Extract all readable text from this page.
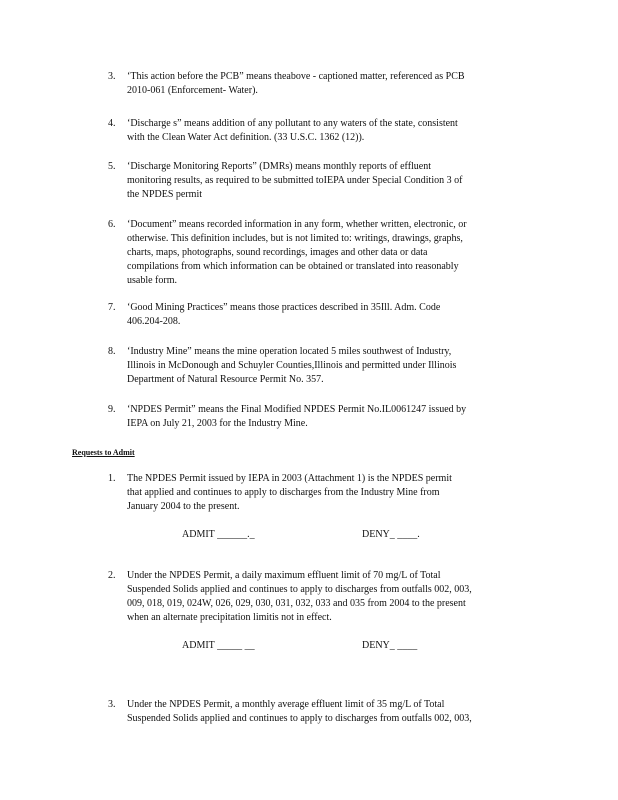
3.	‘This action before the PCB” means theabove - captioned matter, referenced as PCB
2010-061 (Enforcement- Water).
4.	‘Discharge s” means addition of any pollutant to any waters of the state, consistent
with the Clean Water Act definition. (33 U.S.C. 1362 (12)).
5.	‘Discharge Monitoring Reports” (DMRs) means monthly reports of effluent
monitoring results, as required to be submitted toIEPA under Special Condition 3 of
the NPDES permit
6.	‘Document” means recorded information in any form, whether written, electronic, or
otherwise. This definition includes, but is not limited to: writings, drawings, graphs,
charts, maps, photographs, sound recordings, images and other data or data
compilations from which information can be obtained or translated into reasonably
usable form.
7.	‘Good Mining Practices” means those practices described in 35Ill. Adm. Code
406.204-208.
8.	‘Industry Mine” means the mine operation located 5 miles southwest of Industry,
Illinois in McDonough and Schuyler Counties,Illinois and permitted under Illinois
Department of Natural Resource Permit No. 357.
9.	‘NPDES Permit” means the Final Modified NPDES Permit No.IL0061247 issued by
IEPA on July 21, 2003 for the Industry Mine.
Requests to Admit
1.	The NPDES Permit issued by IEPA in 2003 (Attachment 1) is the NPDES permit
that applied and continues to apply to discharges from the Industry Mine from
January 2004 to the present.
ADMIT ______._	DENY_ ____.
2.	Under the NPDES Permit, a daily maximum effluent limit of 70 mg/L of Total
Suspended Solids applied and continues to apply to discharges from outfalls 002, 003,
009, 018, 019, 024W, 026, 029, 030, 031, 032, 033 and 035 from 2004 to the present
when an alternate precipitation limitis not in effect.
ADMIT _____ __	DENY_ ____
3.	Under the NPDES Permit, a monthly average effluent limit of 35 mg/L of Total
Suspended Solids applied and continues to apply to discharges from outfalls 002, 003,
